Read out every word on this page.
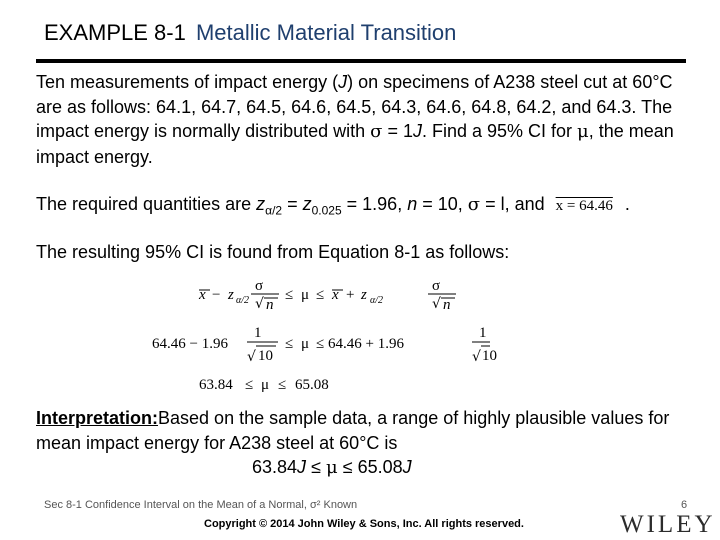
EXAMPLE 8-1 Metallic Material Transition
Ten measurements of impact energy (J) on specimens of A238 steel cut at 60°C are as follows: 64.1, 64.7, 64.5, 64.6, 64.5, 64.3, 64.6, 64.8, 64.2, and 64.3. The impact energy is normally distributed with σ = 1J. Find a 95% CI for μ, the mean impact energy.
The required quantities are $z_{\alpha/2} = z_{0.025} = 1.96$, n = 10, σ = l, and x = 64.46 .
The resulting 95% CI is found from Equation 8-1 as follows:
x − z α/2
σ
√ n
≤ μ ≤ x + z α/2
σ
√ n
64.46 − 1.96
1
√ 10
≤ μ ≤ 64.46 + 1.96
1
√ 10
63.84 ≤ μ ≤ 65.08
Interpretation:Based on the sample data, a range of highly plausible values for mean impact energy for A238 steel at 60°C is
63.84J ≤ μ ≤ 65.08J
Sec 8-1 Confidence Interval on the Mean of a Normal, σ² Known
Copyright © 2014 John Wiley & Sons, Inc. All rights reserved.
6
WILEY
